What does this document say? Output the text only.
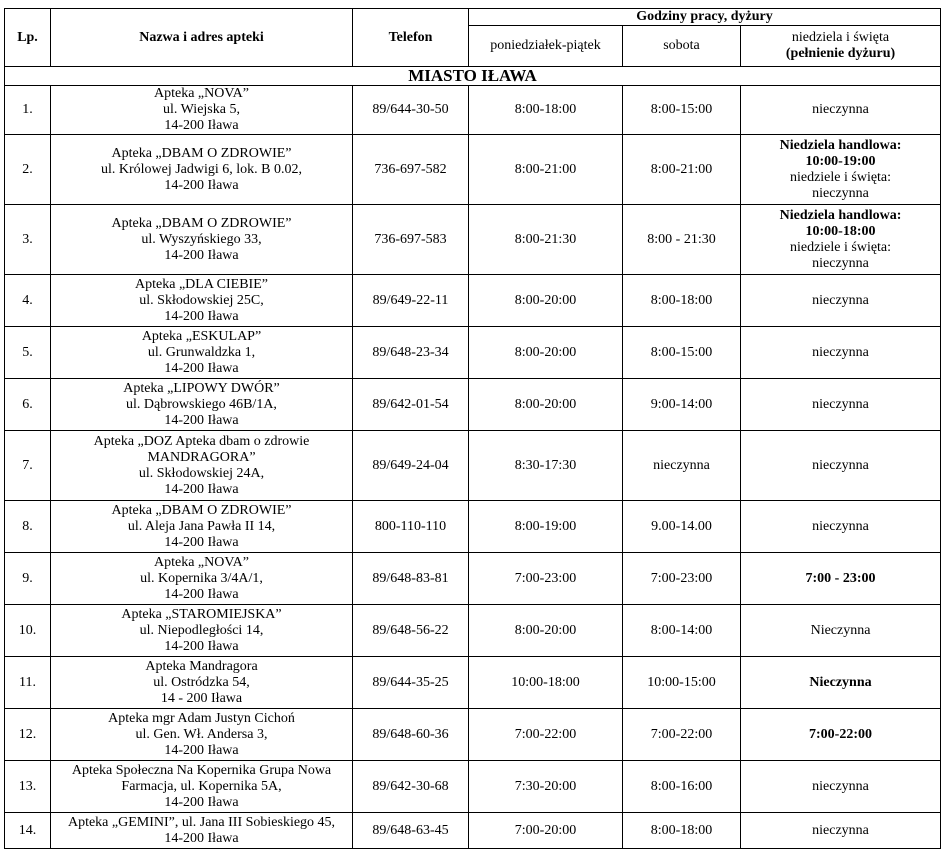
Lp.	Nazwa i adres apteki	Telefon	Godziny pracy, dyżury		
			poniedziałek-piątek	sobota	niedziela i święta
(pełnienie dyżuru)

MIASTO IŁAWA					
1.	Apteka „NOVA”
ul. Wiejska 5,
14-200 Iława	89/644-30-50	8:00-18:00	8:00-15:00	nieczynna

2.	Apteka „DBAM O ZDROWIE”
ul. Królowej Jadwigi 6, lok. B 0.02,
14-200 Iława	736-697-582	8:00-21:00	8:00-21:00	Niedziela handlowa:
10:00-19:00
niedziele i święta:
nieczynna

3.	Apteka „DBAM O ZDROWIE”
ul. Wyszyńskiego 33,
14-200 Iława	736-697-583	8:00-21:30	8:00 - 21:30	Niedziela handlowa:
10:00-18:00
niedziele i święta:
nieczynna

4.	Apteka „DLA CIEBIE”
ul. Skłodowskiej 25C,
14-200 Iława	89/649-22-11	8:00-20:00	8:00-18:00	nieczynna

5.	Apteka „ESKULAP”
ul. Grunwaldzka 1,
14-200 Iława	89/648-23-34	8:00-20:00	8:00-15:00	nieczynna

6.	Apteka „LIPOWY DWÓR”
ul. Dąbrowskiego 46B/1A,
14-200 Iława	89/642-01-54	8:00-20:00	9:00-14:00	nieczynna

7.	Apteka „DOZ Apteka dbam o zdrowie
MANDRAGORA”
ul. Skłodowskiej 24A,
14-200 Iława	89/649-24-04	8:30-17:30	nieczynna	nieczynna

8.	Apteka „DBAM O ZDROWIE”
ul. Aleja Jana Pawła II 14,
14-200 Iława	800-110-110	8:00-19:00	9.00-14.00	nieczynna

9.	Apteka „NOVA”
ul. Kopernika 3/4A/1,
14-200 Iława	89/648-83-81	7:00-23:00	7:00-23:00	7:00 - 23:00

10.	Apteka „STAROMIEJSKA”
ul. Niepodległości 14,
14-200 Iława	89/648-56-22	8:00-20:00	8:00-14:00	Nieczynna

11.	Apteka Mandragora
ul. Ostródzka 54,
14 - 200 Iława	89/644-35-25	10:00-18:00	10:00-15:00	Nieczynna

12.	Apteka mgr Adam Justyn Cichoń
ul. Gen. Wł. Andersa 3,
14-200 Iława	89/648-60-36	7:00-22:00	7:00-22:00	7:00-22:00

13.	Apteka Społeczna Na Kopernika Grupa Nowa
Farmacja, ul. Kopernika 5A,
14-200 Iława	89/642-30-68	7:30-20:00	8:00-16:00	nieczynna

14.	Apteka „GEMINI”, ul. Jana III Sobieskiego 45,
14-200 Iława	89/648-63-45	7:00-20:00	8:00-18:00	nieczynna
